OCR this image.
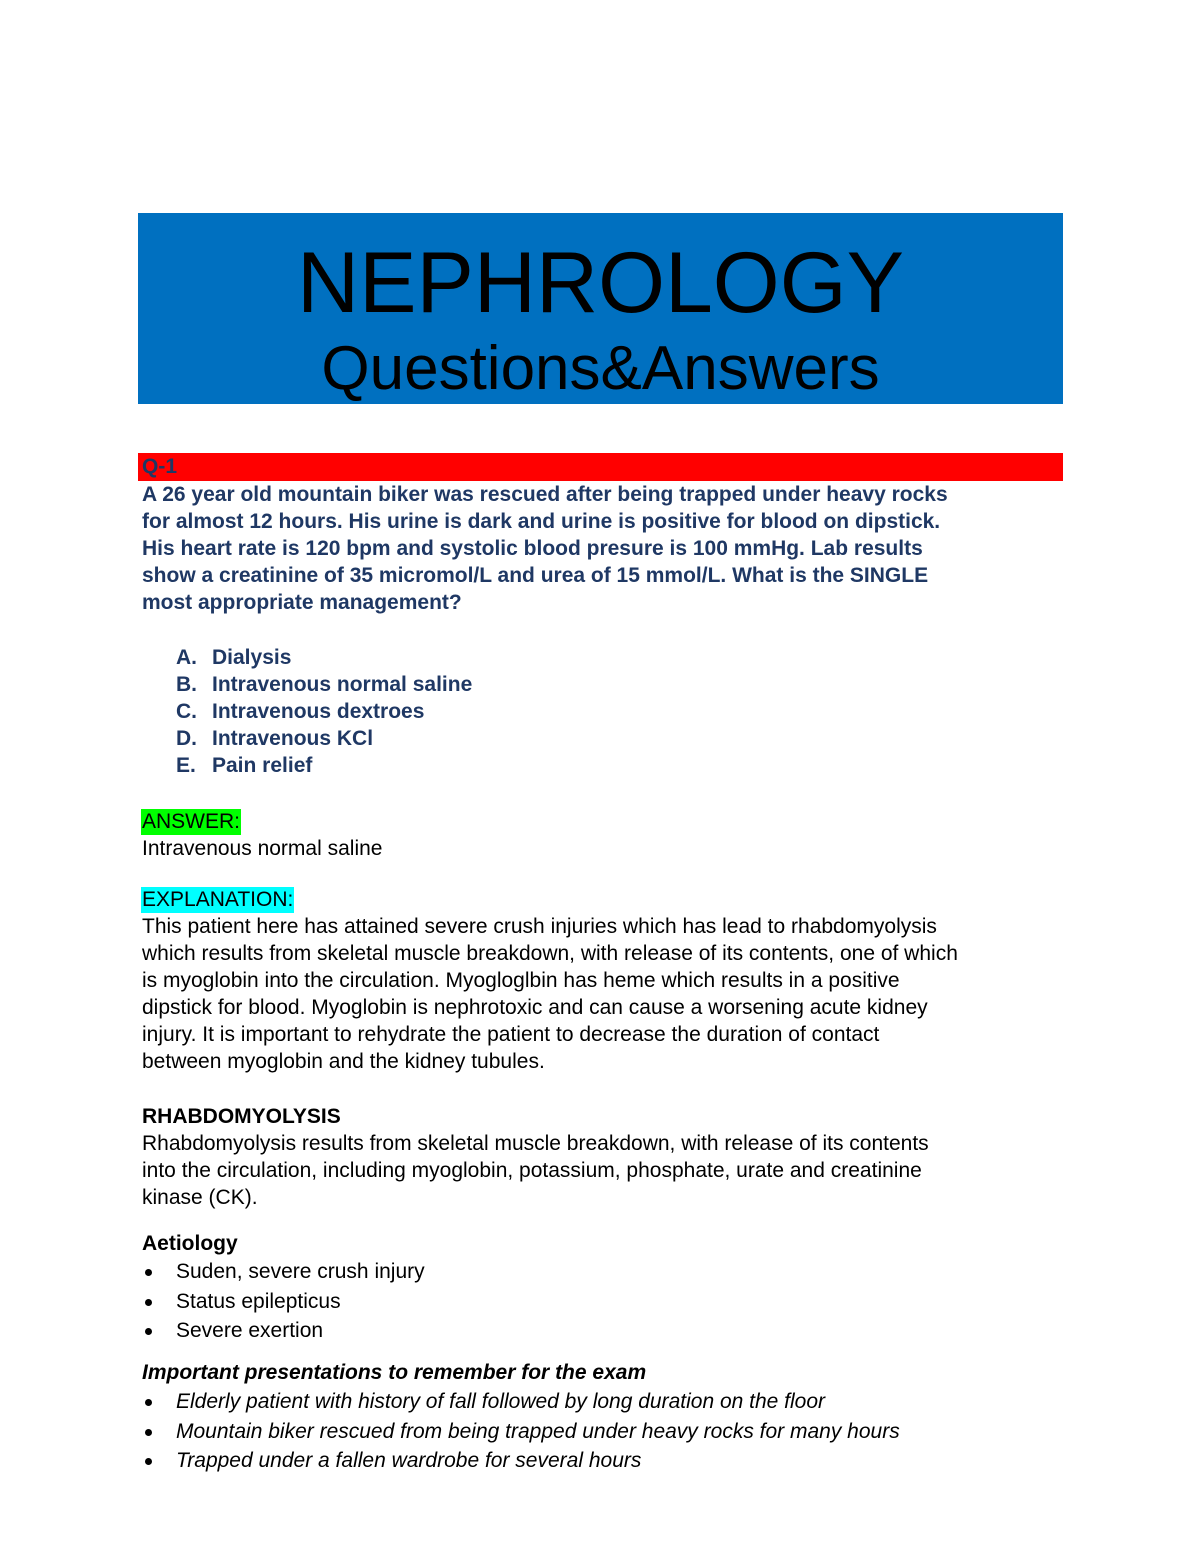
NEPHROLOGY
Questions&Answers
Q-1
A 26 year old mountain biker was rescued after being trapped under heavy rocks
for almost 12 hours. His urine is dark and urine is positive for blood on dipstick.
His heart rate is 120 bpm and systolic blood presure is 100 mmHg. Lab results
show a creatinine of 35 micromol/L and urea of 15 mmol/L. What is the SINGLE
most appropriate management?
A. Dialysis
B. Intravenous normal saline
C. Intravenous dextroes
D. Intravenous KCl
E. Pain relief
ANSWER:
Intravenous normal saline
EXPLANATION:
This patient here has attained severe crush injuries which has lead to rhabdomyolysis
which results from skeletal muscle breakdown, with release of its contents, one of which
is myoglobin into the circulation. Myogloglbin has heme which results in a positive
dipstick for blood. Myoglobin is nephrotoxic and can cause a worsening acute kidney
injury. It is important to rehydrate the patient to decrease the duration of contact
between myoglobin and the kidney tubules.
RHABDOMYOLYSIS
Rhabdomyolysis results from skeletal muscle breakdown, with release of its contents
into the circulation, including myoglobin, potassium, phosphate, urate and creatinine
kinase (CK).
Aetiology
Suden, severe crush injury
Status epilepticus
Severe exertion
Important presentations to remember for the exam
Elderly patient with history of fall followed by long duration on the floor
Mountain biker rescued from being trapped under heavy rocks for many hours
Trapped under a fallen wardrobe for several hours
